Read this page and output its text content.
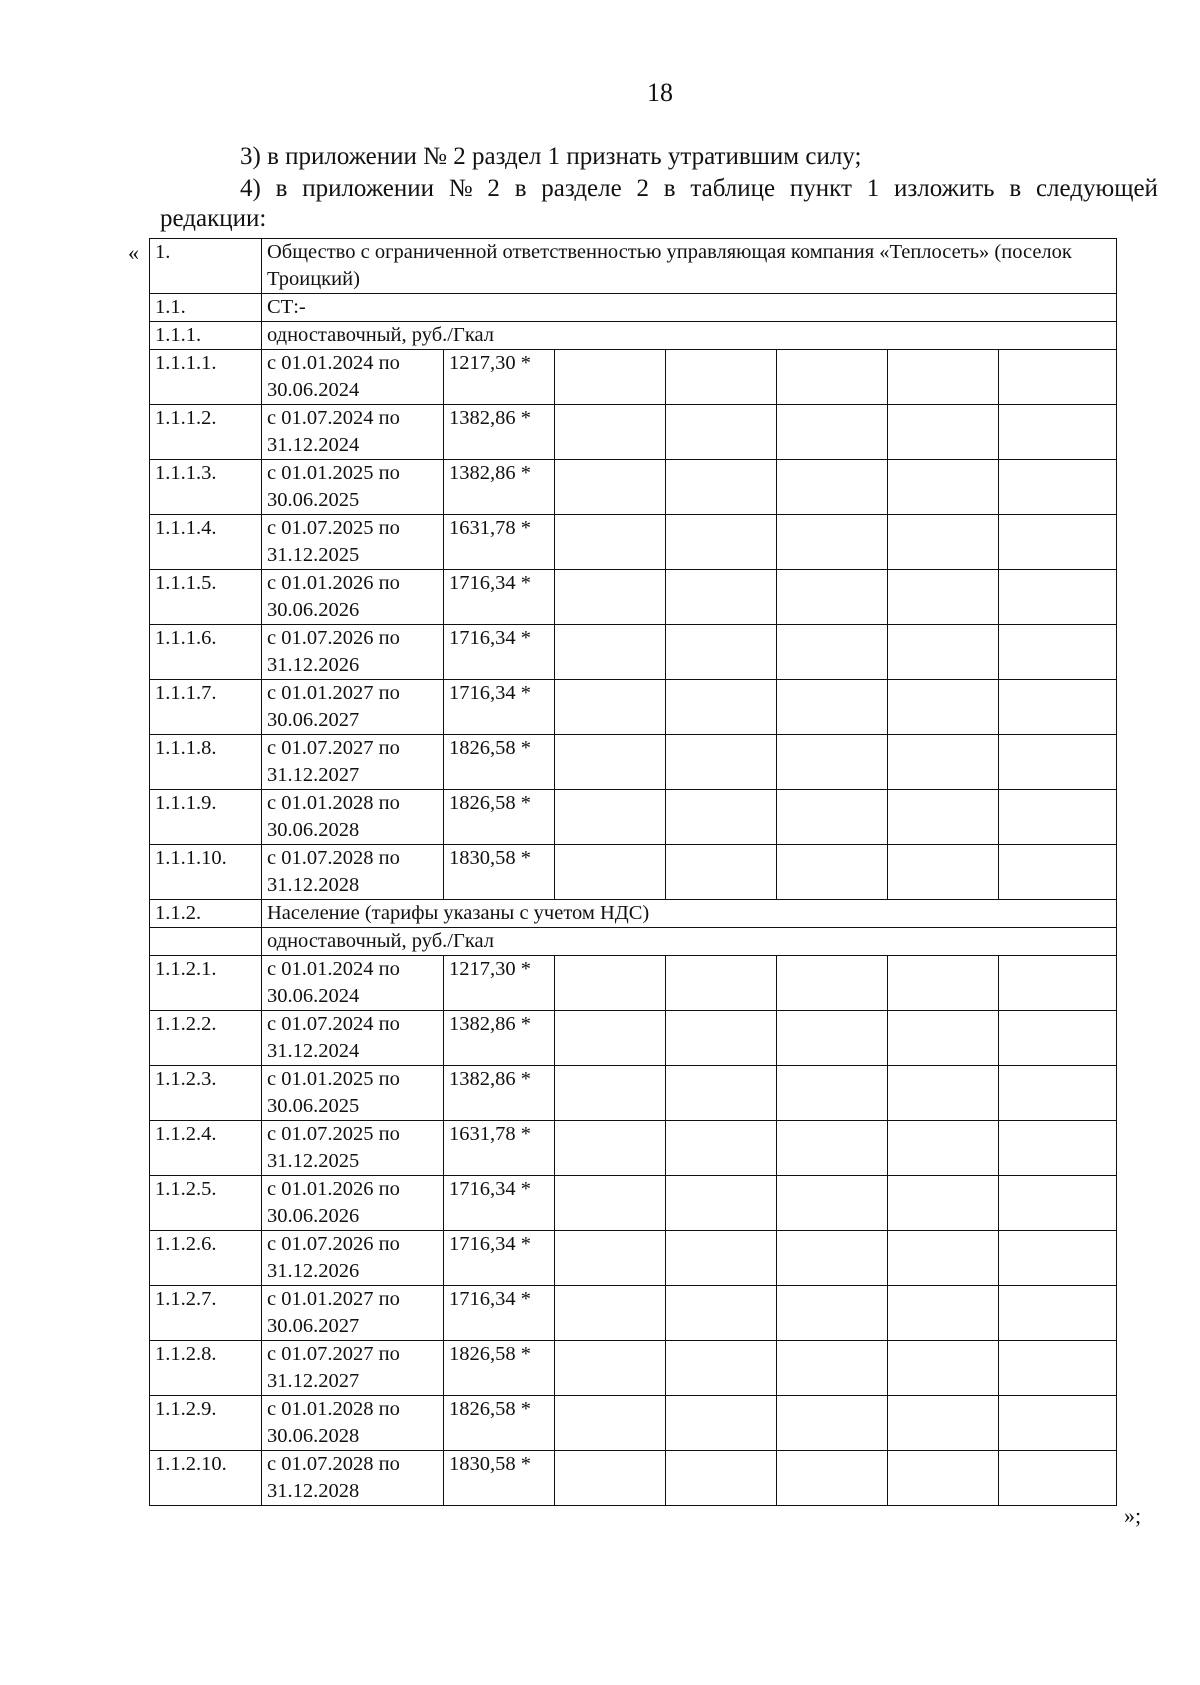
18
3) в приложении № 2 раздел 1 признать утратившим силу;
4) в приложении № 2 в разделе 2 в таблице пункт 1 изложить в следующей
редакции:
« 1.	Общество с ограниченной ответственностью управляющая компания «Теплосеть» (поселок Троицкий)						
1.1.	СТ:-						
1.1.1.	одноставочный, руб./Гкал						
1.1.1.1.	с 01.01.2024 по 30.06.2024	1217,30 *					
1.1.1.2.	с 01.07.2024 по 31.12.2024	1382,86 *					
1.1.1.3.	с 01.01.2025 по 30.06.2025	1382,86 *					
1.1.1.4.	с 01.07.2025 по 31.12.2025	1631,78 *					
1.1.1.5.	с 01.01.2026 по 30.06.2026	1716,34 *					
1.1.1.6.	с 01.07.2026 по 31.12.2026	1716,34 *					
1.1.1.7.	с 01.01.2027 по 30.06.2027	1716,34 *					
1.1.1.8.	с 01.07.2027 по 31.12.2027	1826,58 *					
1.1.1.9.	с 01.01.2028 по 30.06.2028	1826,58 *					
1.1.1.10.	с 01.07.2028 по 31.12.2028	1830,58 *					
1.1.2.	Население (тарифы указаны с учетом НДС)						
	одноставочный, руб./Гкал						
1.1.2.1.	с 01.01.2024 по 30.06.2024	1217,30 *					
1.1.2.2.	с 01.07.2024 по 31.12.2024	1382,86 *					
1.1.2.3.	с 01.01.2025 по 30.06.2025	1382,86 *					
1.1.2.4.	с 01.07.2025 по 31.12.2025	1631,78 *					
1.1.2.5.	с 01.01.2026 по 30.06.2026	1716,34 *					
1.1.2.6.	с 01.07.2026 по 31.12.2026	1716,34 *					
1.1.2.7.	с 01.01.2027 по 30.06.2027	1716,34 *					
1.1.2.8.	с 01.07.2027 по 31.12.2027	1826,58 *					
1.1.2.9.	с 01.01.2028 по 30.06.2028	1826,58 *					
1.1.2.10.	с 01.07.2028 по 31.12.2028	1830,58 *					
»;
